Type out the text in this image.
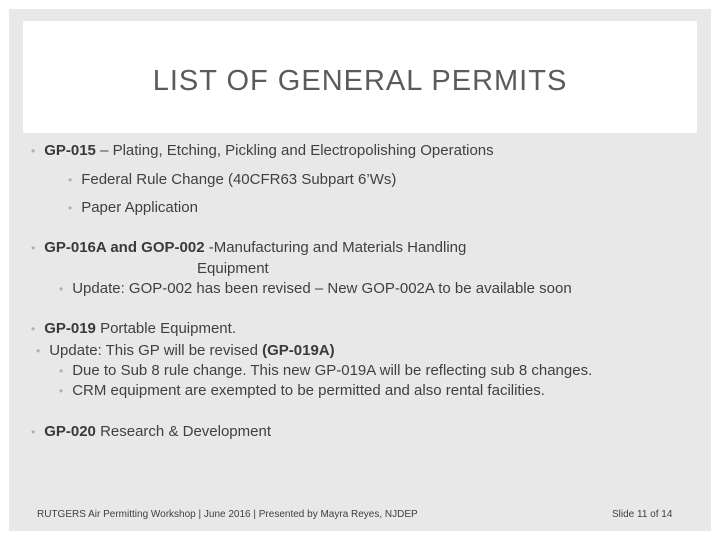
LIST OF GENERAL PERMITS
• GP-015 – Plating, Etching, Pickling and Electropolishing Operations
• Federal Rule Change (40CFR63 Subpart 6’Ws)
• Paper Application
• GP-016A and GOP-002 -Manufacturing and Materials Handling
Equipment
• Update: GOP-002 has been revised – New GOP-002A to be available soon
• GP-019 Portable Equipment.
• Update: This GP will be revised (GP-019A)
• Due to Sub 8 rule change. This new GP-019A will be reflecting sub 8 changes.
• CRM equipment are exempted to be permitted and also rental facilities.
• GP-020 Research & Development
RUTGERS Air Permitting Workshop | June 2016 | Presented by Mayra Reyes, NJDEP	Slide 11 of 14
